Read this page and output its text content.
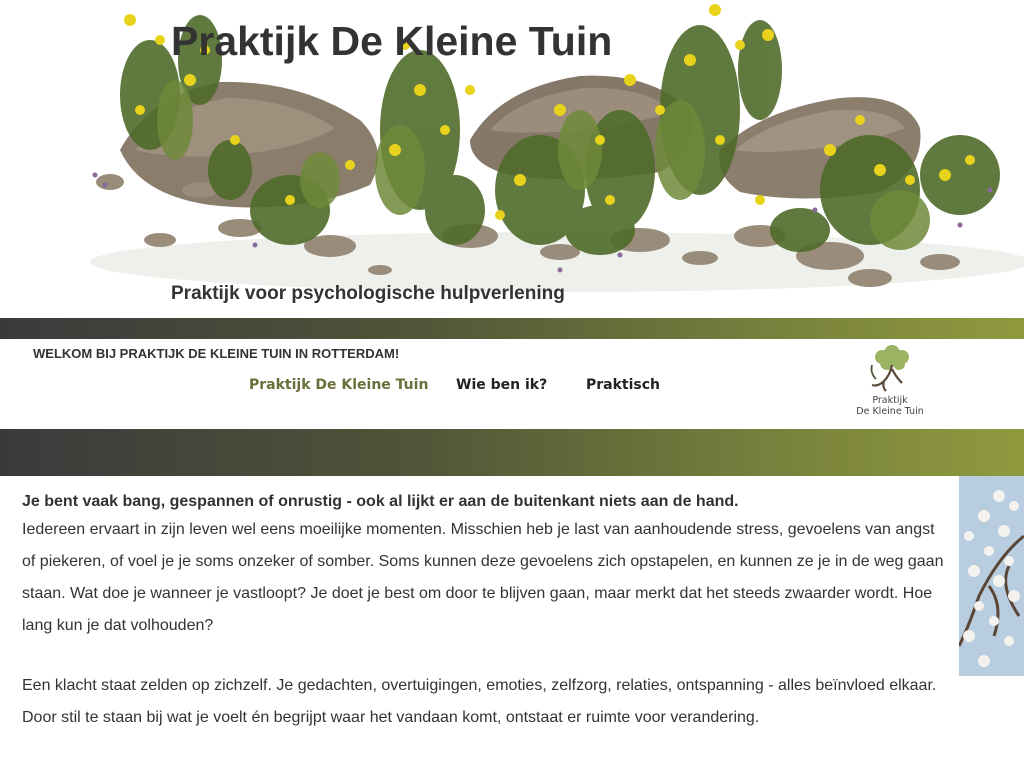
Praktijk De Kleine Tuin

Praktijk voor psychologische hulpverlening

WELKOM BIJ PRAKTIJK DE KLEINE TUIN IN ROTTERDAM!
Praktijk De Kleine Tuin Wie ben ik?	Praktisch
Praktijk
De Kleine Tuin

Je bent vaak bang, gespannen of onrustig - ook al lijkt er aan de buitenkant niets aan de hand.

Iedereen ervaart in zijn leven wel eens moeilijke momenten. Misschien heb je last van aanhoudende stress, gevoelens van angst of piekeren, of voel je je soms onzeker of somber. Soms kunnen deze gevoelens zich opstapelen, en kunnen ze je in de weg gaan staan. Wat doe je wanneer je vastloopt? Je doet je best om door te blijven gaan, maar merkt dat het steeds zwaarder wordt. Hoe lang kun je dat volhouden?

Een klacht staat zelden op zichzelf. Je gedachten, overtuigingen, emoties, zelfzorg, relaties, ontspanning - alles beïnvloed elkaar. Door stil te staan bij wat je voelt én begrijpt waar het vandaan komt, ontstaat er ruimte voor verandering.
